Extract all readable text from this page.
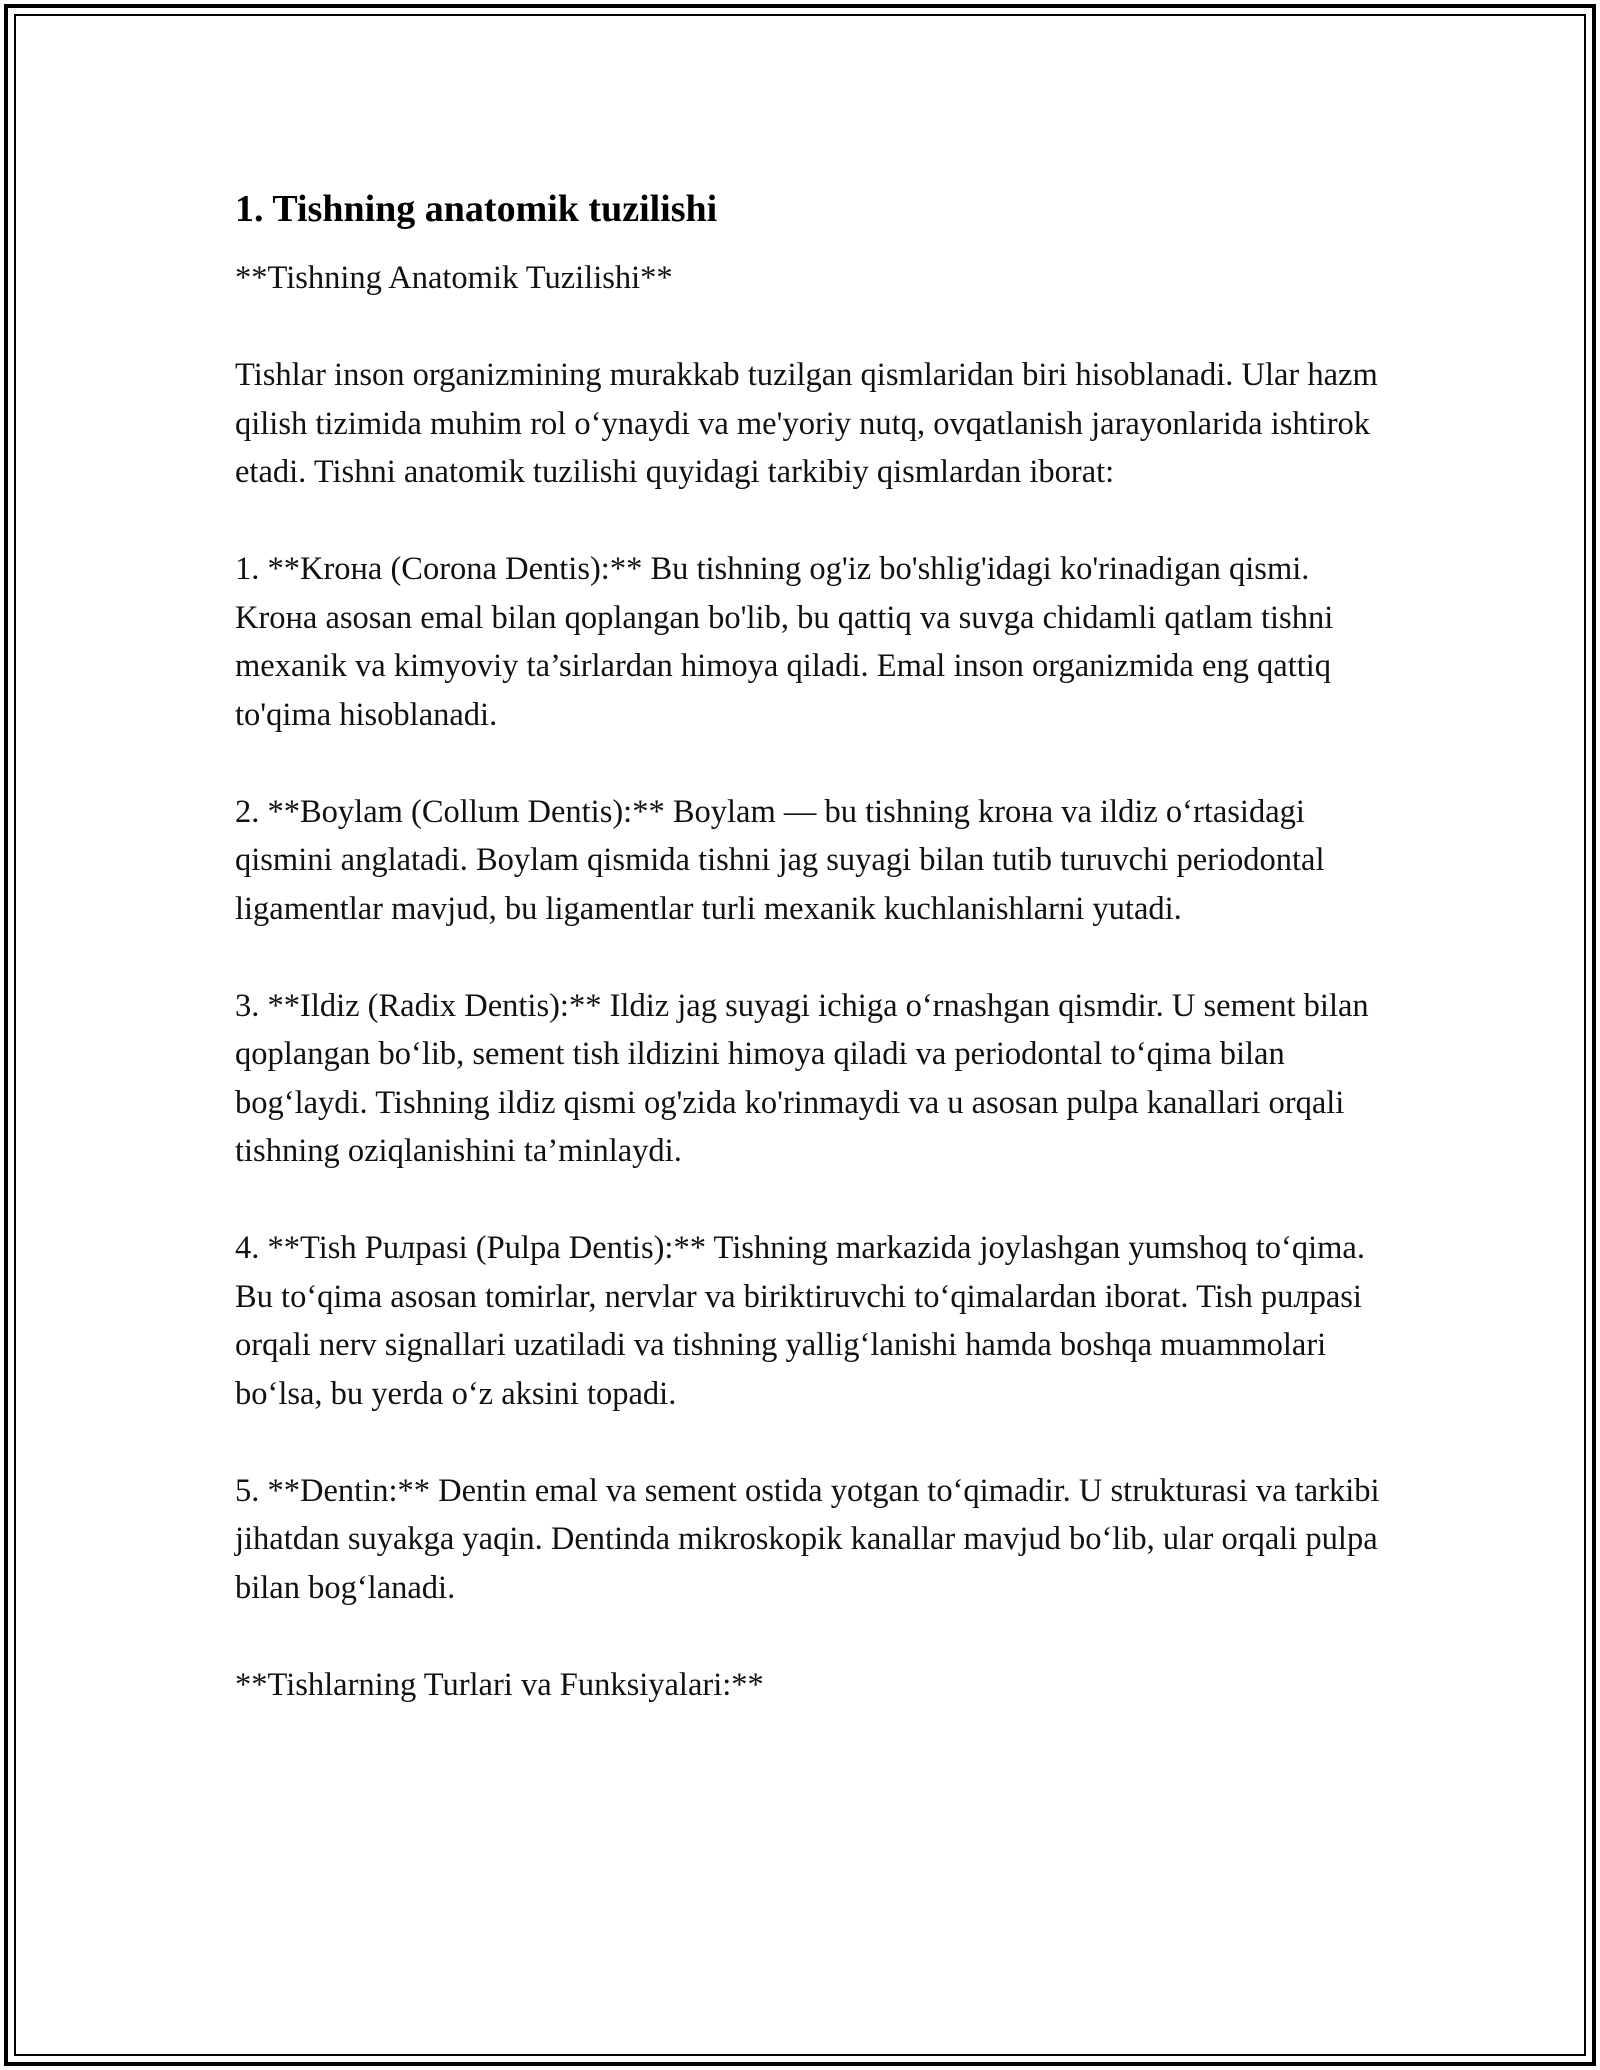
1. Tishning anatomik tuzilishi

**Tishning Anatomik Tuzilishi**

Tishlar inson organizmining murakkab tuzilgan qismlaridan biri hisoblanadi. Ular hazm qilish tizimida muhim rol o‘ynaydi va me'yoriy nutq, ovqatlanish jarayonlarida ishtirok etadi. Tishni anatomik tuzilishi quyidagi tarkibiy qismlardan iborat:

1. **Kroнa (Corona Dentis):** Bu tishning og'iz bo'shlig'idagi ko'rinadigan qismi. Kroнa asosan emal bilan qoplangan bo'lib, bu qattiq va suvga chidamli qatlam tishni mexanik va kimyoviy ta’sirlardan himoya qiladi. Emal inson organizmida eng qattiq to'qima hisoblanadi.

2. **Boylam (Collum Dentis):** Boylam — bu tishning kroнa va ildiz o‘rtasidagi qismini anglatadi. Boylam qismida tishni jag suyagi bilan tutib turuvchi periodontal ligamentlar mavjud, bu ligamentlar turli mexanik kuchlanishlarni yutadi.

3. **Ildiz (Radix Dentis):** Ildiz jag suyagi ichiga o‘rnashgan qismdir. U sement bilan qoplangan bo‘lib, sement tish ildizini himoya qiladi va periodontal to‘qima bilan bog‘laydi. Tishning ildiz qismi og'zida ko'rinmaydi va u asosan pulpa kanallari orqali tishning oziqlanishini ta’minlaydi.

4. **Tish Puлpasi (Pulpa Dentis):** Tishning markazida joylashgan yumshoq to‘qima. Bu to‘qima asosan tomirlar, nervlar va biriktiruvchi to‘qimalardan iborat. Tish puлpasi orqali nerv signallari uzatiladi va tishning yallig‘lanishi hamda boshqa muammolari bo‘lsa, bu yerda o‘z aksini topadi.

5. **Dentin:** Dentin emal va sement ostida yotgan to‘qimadir. U strukturasi va tarkibi jihatdan suyakga yaqin. Dentinda mikroskopik kanallar mavjud bo‘lib, ular orqali pulpa bilan bog‘lanadi.

**Tishlarning Turlari va Funksiyalari:**
